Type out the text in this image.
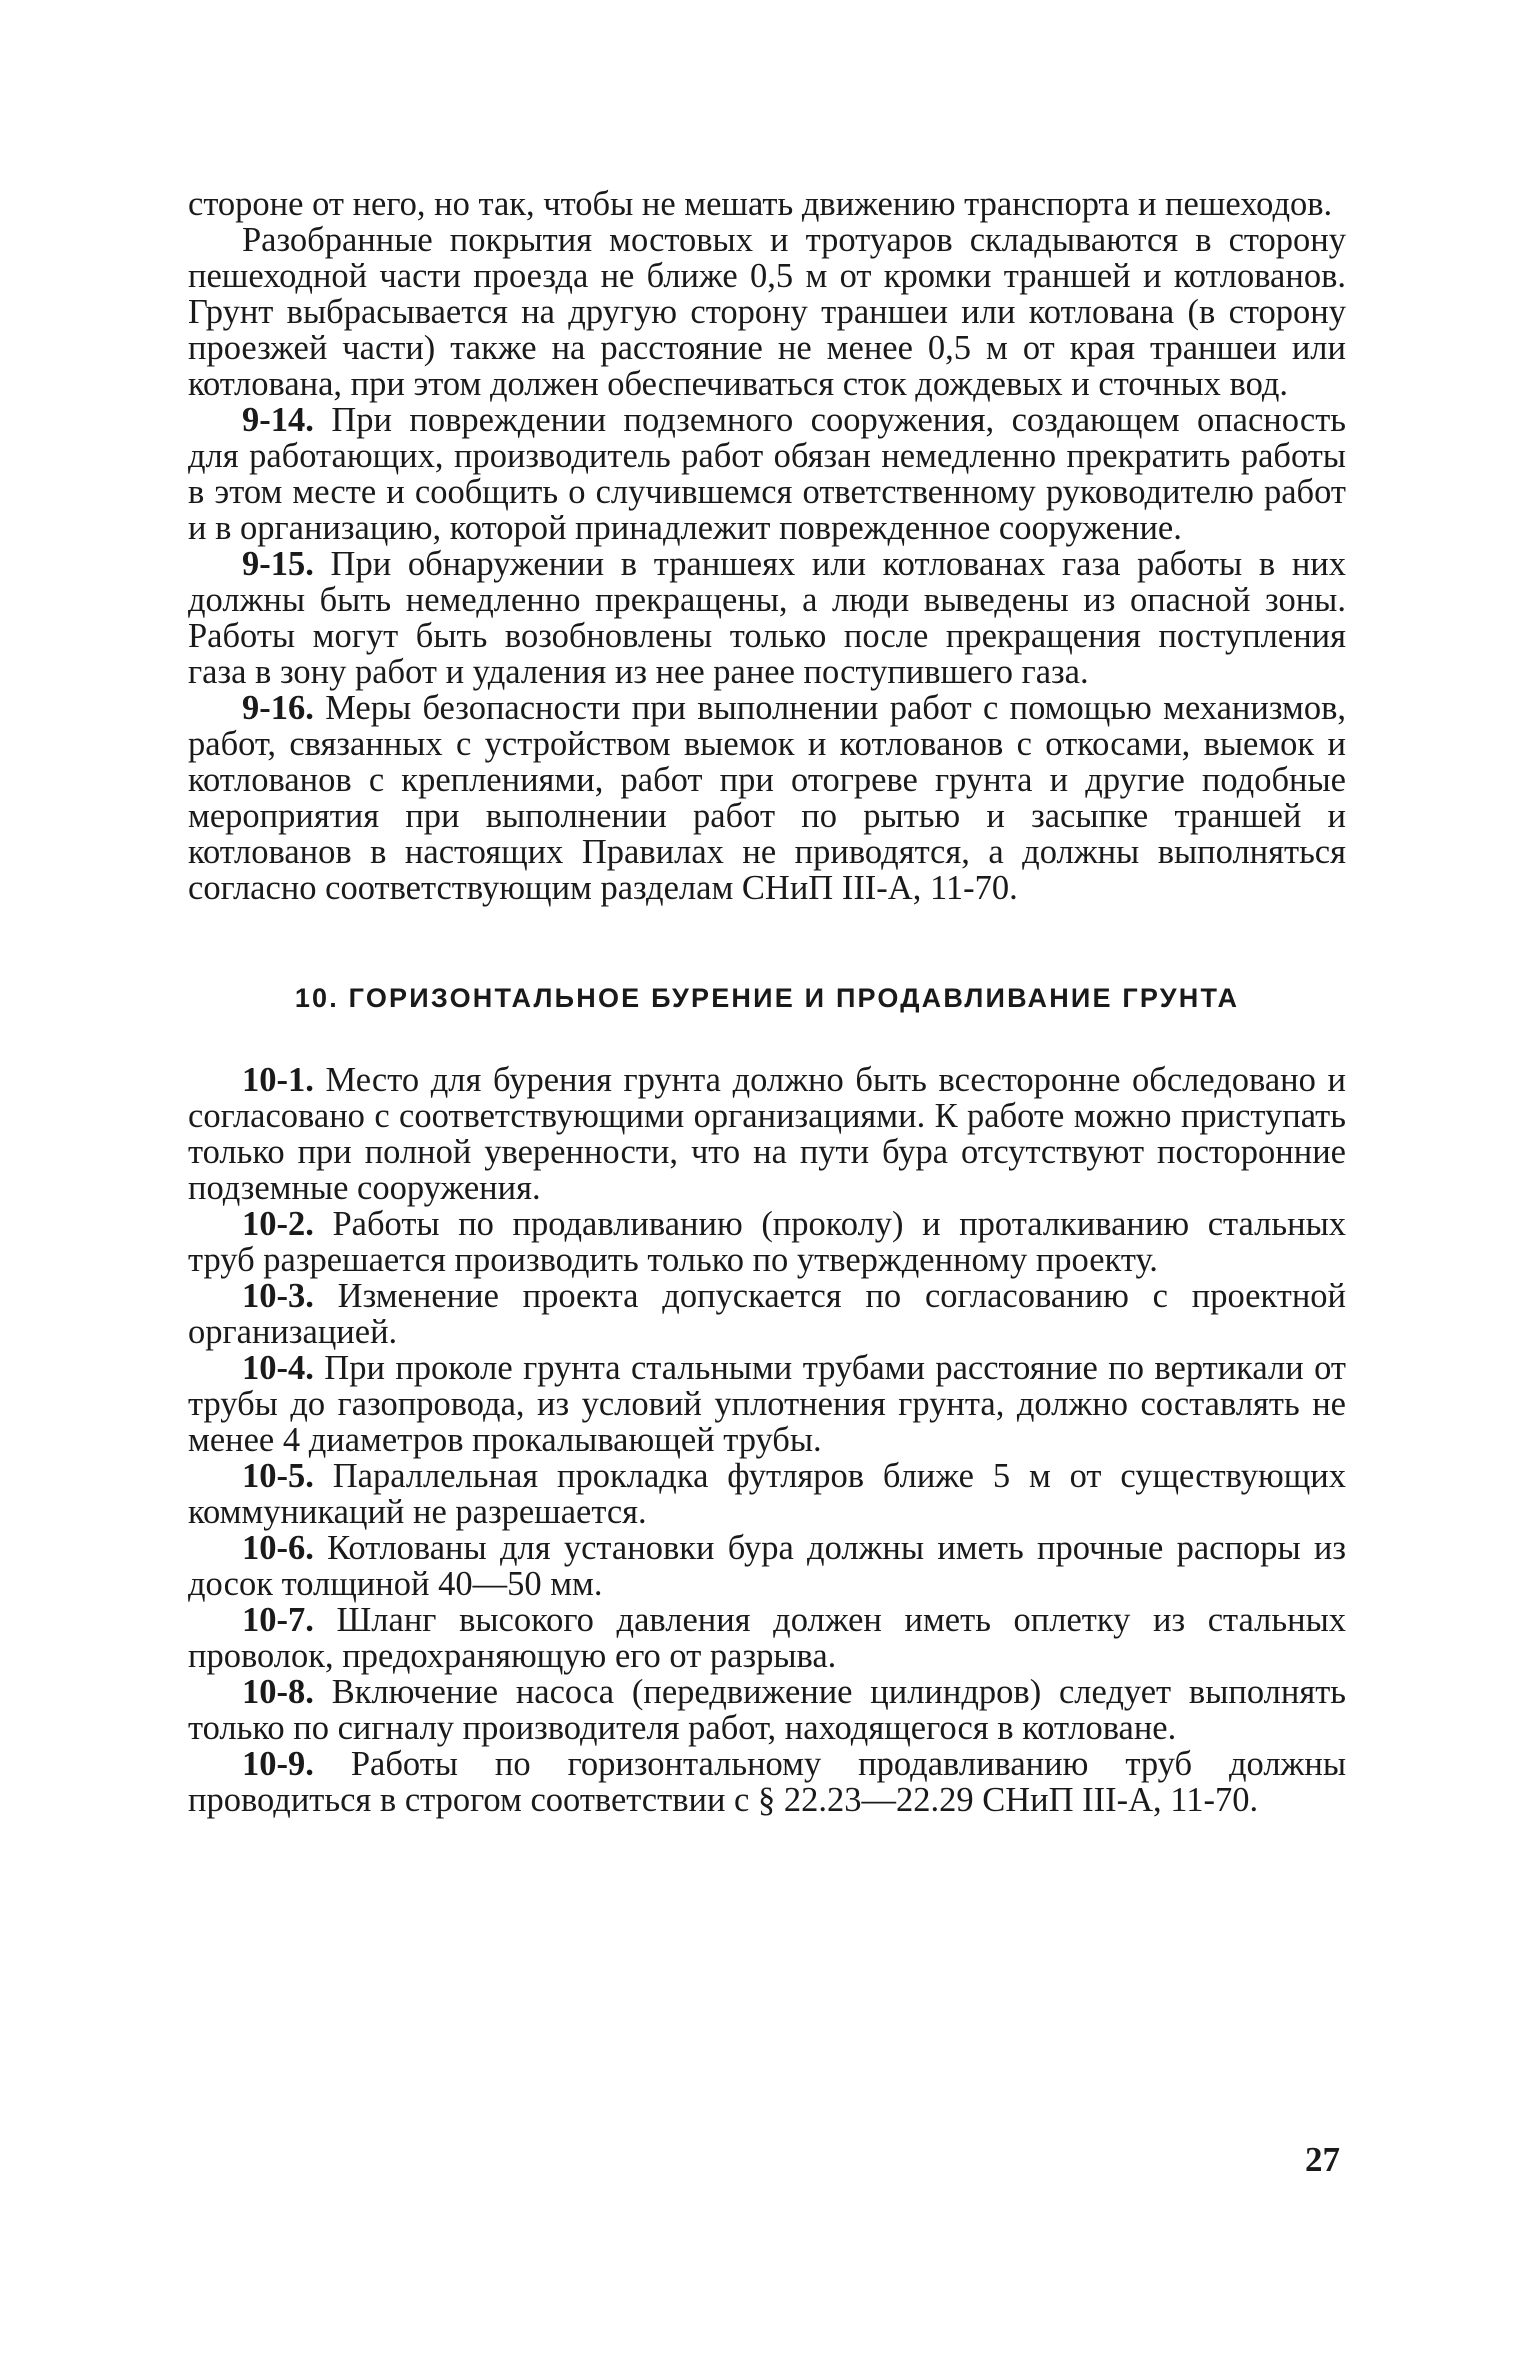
стороне от него, но так, чтобы не мешать движению транспорта и пешеходов.

Разобранные покрытия мостовых и тротуаров складываются в сторону пешеходной части проезда не ближе 0,5 м от кромки траншей и котлованов. Грунт выбрасывается на другую сторону траншеи или котлована (в сторону проезжей части) также на расстояние не менее 0,5 м от края траншеи или котлована, при этом должен обеспечиваться сток дождевых и сточных вод.

9-14. При повреждении подземного сооружения, создающем опасность для работающих, производитель работ обязан немедленно прекратить работы в этом месте и сообщить о случившемся ответственному руководителю работ и в организацию, которой принадлежит поврежденное сооружение.

9-15. При обнаружении в траншеях или котлованах газа работы в них должны быть немедленно прекращены, а люди выведены из опасной зоны. Работы могут быть возобновлены только после прекращения поступления газа в зону работ и удаления из нее ранее поступившего газа.

9-16. Меры безопасности при выполнении работ с помощью механизмов, работ, связанных с устройством выемок и котлованов с откосами, выемок и котлованов с креплениями, работ при отогреве грунта и другие подобные мероприятия при выполнении работ по рытью и засыпке траншей и котлованов в настоящих Правилах не приводятся, а должны выполняться согласно соответствующим разделам СНиП III-А, 11-70.

10. ГОРИЗОНТАЛЬНОЕ БУРЕНИЕ И ПРОДАВЛИВАНИЕ ГРУНТА

10-1. Место для бурения грунта должно быть всесторонне обследовано и согласовано с соответствующими организациями. К работе можно приступать только при полной уверенности, что на пути бура отсутствуют посторонние подземные сооружения.

10-2. Работы по продавливанию (проколу) и проталкиванию стальных труб разрешается производить только по утвержденному проекту.

10-3. Изменение проекта допускается по согласованию с проектной организацией.

10-4. При проколе грунта стальными трубами расстояние по вертикали от трубы до газопровода, из условий уплотнения грунта, должно составлять не менее 4 диаметров прокалывающей трубы.

10-5. Параллельная прокладка футляров ближе 5 м от существующих коммуникаций не разрешается.

10-6. Котлованы для установки бура должны иметь прочные распоры из досок толщиной 40—50 мм.

10-7. Шланг высокого давления должен иметь оплетку из стальных проволок, предохраняющую его от разрыва.

10-8. Включение насоса (передвижение цилиндров) следует выполнять только по сигналу производителя работ, находящегося в котловане.

10-9. Работы по горизонтальному продавливанию труб должны проводиться в строгом соответствии с § 22.23—22.29 СНиП III-А, 11-70.

27
